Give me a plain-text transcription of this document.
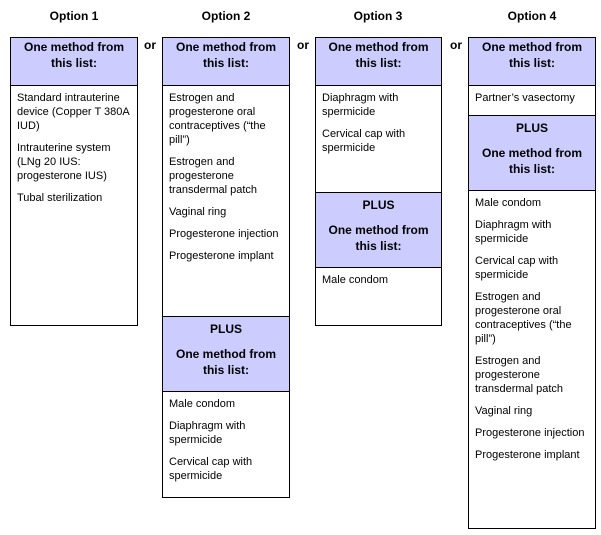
Option 1	Option 2	Option 3	Option 4
or	or	or
One method from this list:
Standard intrauterine device (Copper T 380A IUD)
Intrauterine system (LNg 20 IUS: progesterone IUS)
Tubal sterilization
One method from this list:
Estrogen and progesterone oral contraceptives (“the pill”)
Estrogen and progesterone transdermal patch
Vaginal ring
Progesterone injection
Progesterone implant
PLUS
One method from this list:
Male condom
Diaphragm with spermicide
Cervical cap with spermicide
One method from this list:
Diaphragm with spermicide
Cervical cap with spermicide
PLUS
One method from this list:
Male condom
One method from this list:
Partner’s vasectomy
PLUS
One method from this list:
Male condom
Diaphragm with spermicide
Cervical cap with spermicide
Estrogen and progesterone oral contraceptives (“the pill”)
Estrogen and progesterone transdermal patch
Vaginal ring
Progesterone injection
Progesterone implant
